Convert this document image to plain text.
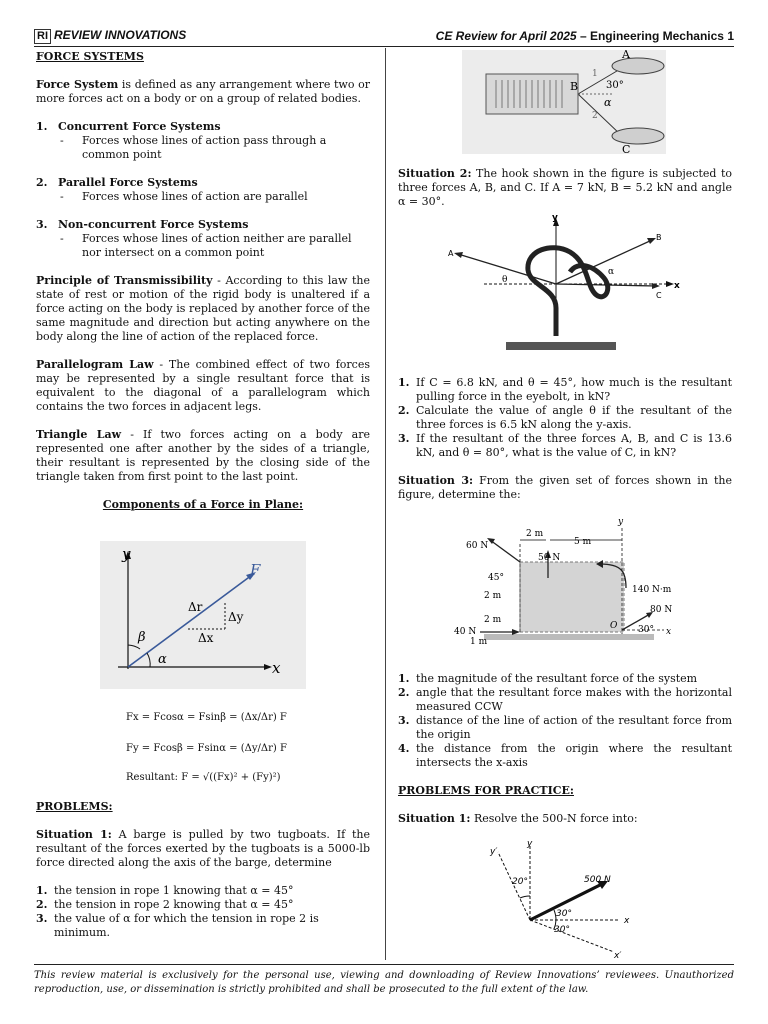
RI REVIEW INNOVATIONS	CE Review for April 2025 – Engineering Mechanics 1
FORCE SYSTEMS

Force System is defined as any arrangement where two or more forces act on a body or on a group of related bodies.

1. Concurrent Force Systems
-	Forces whose lines of action pass through a common point
2. Parallel Force Systems
-	Forces whose lines of action are parallel
3. Non-concurrent Force Systems
-	Forces whose lines of action neither are parallel nor intersect on a common point

Principle of Transmissibility - According to this law the state of rest or motion of the rigid body is unaltered if a force acting on the body is replaced by another force of the same magnitude and direction but acting anywhere on the body along the line of action of the replaced force.

Parallelogram Law - The combined effect of two forces may be represented by a single resultant force that is equivalent to the diagonal of a parallelogram which contains the two forces in adjacent legs.

Triangle Law - If two forces acting on a body are represented one after another by the sides of a triangle, their resultant is represented by the closing side of the triangle taken from first point to the last point.

Components of a Force in Plane:
y
x
F
β
α
Δr
Δx
Δy
Fx = Fcosα = Fsinβ = (Δx/Δr) F
Fy = Fcosβ = Fsinα = (Δy/Δr) F
Resultant: F = √((Fx)² + (Fy)²)
PROBLEMS:

Situation 1: A barge is pulled by two tugboats. If the resultant of the forces exerted by the tugboats is a 5000-lb force directed along the axis of the barge, determine

1. the tension in rope 1 knowing that α = 45°
2. the tension in rope 2 knowing that α = 45°
3. the value of α for which the tension in rope 2 is minimum.
A
B
C
30°
α
1
2

Situation 2: The hook shown in the figure is subjected to three forces A, B, and C. If A = 7 kN, B = 5.2 kN and angle α = 30°.

y
x
A
B
C
θ
α
1. If C = 6.8 kN, and θ = 45°, how much is the resultant pulling force in the eyebolt, in kN?

2. Calculate the value of angle θ if the resultant of the three forces is 6.5 kN along the y-axis.

3. If the resultant of the three forces A, B, and C is 13.6 kN, and θ = 80°, what is the value of C, in kN?

Situation 3: From the given set of forces shown in the figure, determine the:

60 N
50 N
140 N·m
80 N
40 N
2 m
5 m
2 m
2 m
1 m
45°
30°
O
x
y
1. the magnitude of the resultant force of the system

2. angle that the resultant force makes with the horizontal measured CCW

3. distance of the line of action of the resultant force from the origin

4. the distance from the origin where the resultant intersects the x-axis

PROBLEMS FOR PRACTICE:

Situation 1: Resolve the 500-N force into:

y
y′
x
x′
500 N
20°
30°
30°
This review material is exclusively for the personal use, viewing and downloading of Review Innovations’ reviewees. Unauthorized reproduction, use, or dissemination is strictly prohibited and shall be prosecuted to the full extent of the law.
